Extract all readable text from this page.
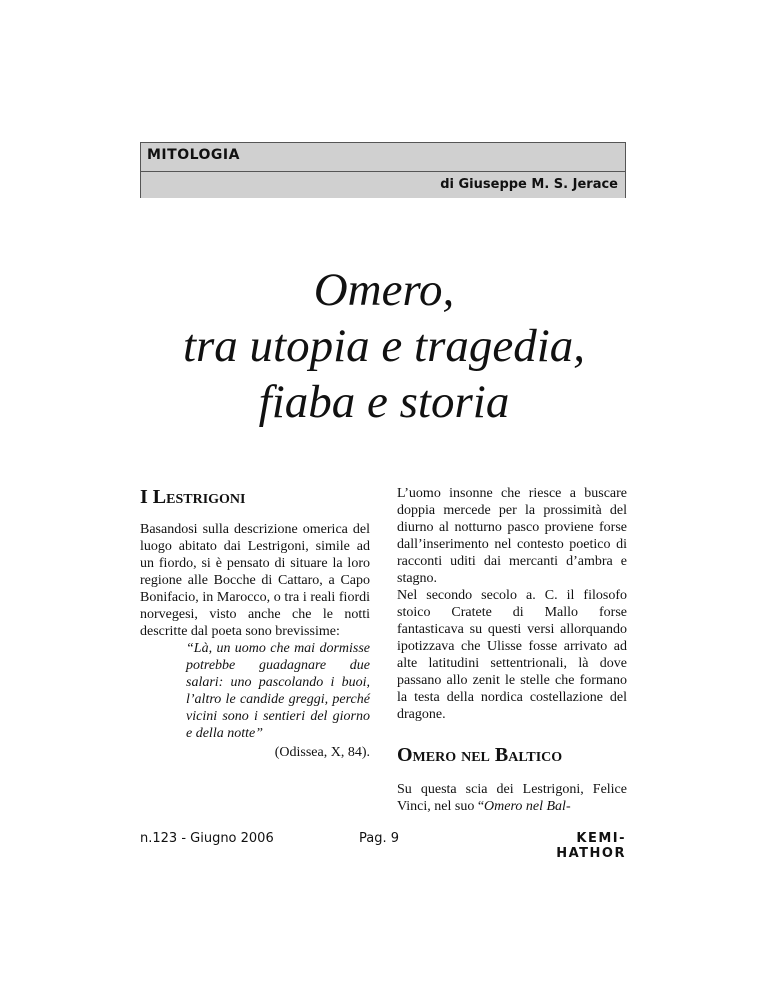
MITOLOGIA
di Giuseppe M. S. Jerace
Omero,
tra utopia e tragedia,
fiaba e storia
I Lestrigoni

Basandosi sulla descrizione omerica del luogo abitato dai Lestrigoni, simile ad un fiordo, si è pensato di situare la loro regione alle Bocche di Cattaro, a Capo Bonifacio, in Marocco, o tra i reali fiordi norvegesi, visto anche che le notti descritte dal poeta sono brevissime:

“Là, un uomo che mai dormisse potrebbe guadagnare due salari: uno pascolando i buoi, l’altro le candide greggi, perché vicini sono i sentieri del giorno e della notte”

(Odissea, X, 84).

L’uomo insonne che riesce a buscare doppia mercede per la prossimità del diurno al notturno pasco proviene forse dall’inserimento nel contesto poetico di racconti uditi dai mercanti d’ambra e stagno.

Nel secondo secolo a. C. il filosofo stoico Cratete di Mallo forse fantasticava su questi versi allorquando ipotizzava che Ulisse fosse arrivato ad alte latitudini settentrionali, là dove passano allo zenit le stelle che formano la testa della nordica costellazione del dragone.

Omero nel Baltico

Su questa scia dei Lestrigoni, Felice Vinci, nel suo “Omero nel Bal-

n.123 - Giugno 2006	Pag. 9	KEMI-HATHOR
